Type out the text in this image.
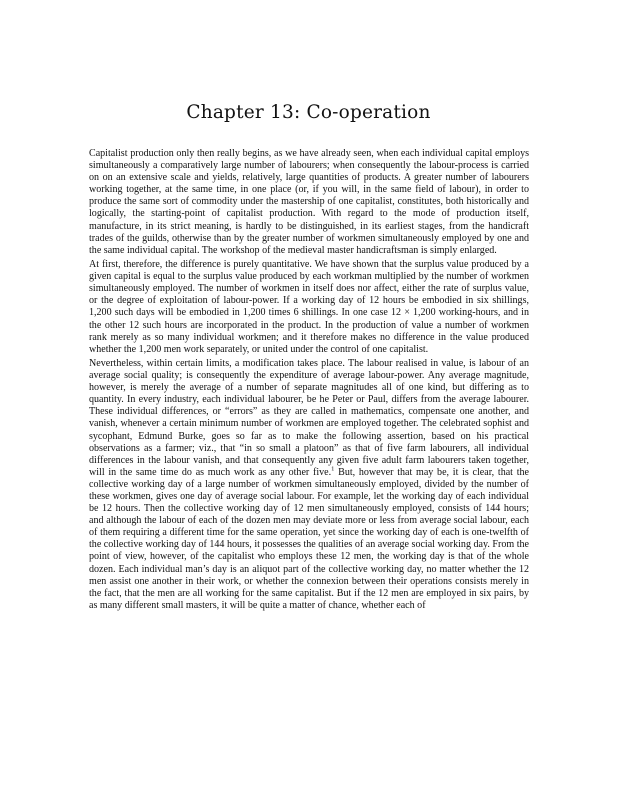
Chapter 13: Co-operation

Capitalist production only then really begins, as we have already seen, when each individual capital employs simultaneously a comparatively large number of labourers; when consequently the labour-process is carried on on an extensive scale and yields, relatively, large quantities of products. A greater number of labourers working together, at the same time, in one place (or, if you will, in the same field of labour), in order to produce the same sort of commodity under the mastership of one capitalist, constitutes, both historically and logically, the starting-point of capitalist production. With regard to the mode of production itself, manufacture, in its strict meaning, is hardly to be distinguished, in its earliest stages, from the handicraft trades of the guilds, otherwise than by the greater number of workmen simultaneously employed by one and the same individual capital. The workshop of the medieval master handicraftsman is simply enlarged.

At first, therefore, the difference is purely quantitative. We have shown that the surplus value produced by a given capital is equal to the surplus value produced by each workman multiplied by the number of workmen simultaneously employed. The number of workmen in itself does nor affect, either the rate of surplus value, or the degree of exploitation of labour-power. If a working day of 12 hours be embodied in six shillings, 1,200 such days will be embodied in 1,200 times 6 shillings. In one case 12 × 1,200 working-hours, and in the other 12 such hours are incorporated in the product. In the production of value a number of workmen rank merely as so many individual workmen; and it therefore makes no difference in the value produced whether the 1,200 men work separately, or united under the control of one capitalist.

Nevertheless, within certain limits, a modification takes place. The labour realised in value, is labour of an average social quality; is consequently the expenditure of average labour-power. Any average magnitude, however, is merely the average of a number of separate magnitudes all of one kind, but differing as to quantity. In every industry, each individual labourer, be he Peter or Paul, differs from the average labourer. These individual differences, or “errors” as they are called in mathematics, compensate one another, and vanish, whenever a certain minimum number of workmen are employed together. The celebrated sophist and sycophant, Edmund Burke, goes so far as to make the following assertion, based on his practical observations as a farmer; viz., that “in so small a platoon” as that of five farm labourers, all individual differences in the labour vanish, and that consequently any given five adult farm labourers taken together, will in the same time do as much work as any other five.$^1$ But, however that may be, it is clear, that the collective working day of a large number of workmen simultaneously employed, divided by the number of these workmen, gives one day of average social labour. For example, let the working day of each individual be 12 hours. Then the collective working day of 12 men simultaneously employed, consists of 144 hours; and although the labour of each of the dozen men may deviate more or less from average social labour, each of them requiring a different time for the same operation, yet since the working day of each is one-twelfth of the collective working day of 144 hours, it possesses the qualities of an average social working day. From the point of view, however, of the capitalist who employs these 12 men, the working day is that of the whole dozen. Each individual man’s day is an aliquot part of the collective working day, no matter whether the 12 men assist one another in their work, or whether the connexion between their operations consists merely in the fact, that the men are all working for the same capitalist. But if the 12 men are employed in six pairs, by as many different small masters, it will be quite a matter of chance, whether each of
